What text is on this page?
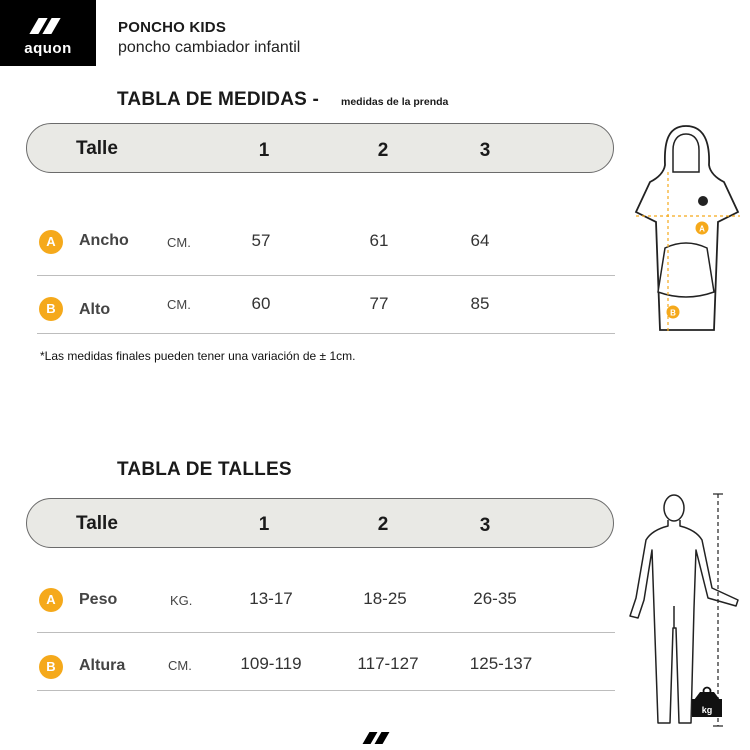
aquon
PONCHO KIDS
poncho cambiador infantil
TABLA DE MEDIDAS - medidas de la prenda
Talle	1	2	3
A	Ancho	CM.	57	61	64
B	Alto	CM.	60	77	85
*Las medidas finales pueden tener una variación de ± 1cm.
A
B
TABLA DE TALLES
Talle	1	2	3
A	Peso	KG.	13-17	18-25	26-35
B	Altura	CM.	109-119	117-127	125-137
kg
